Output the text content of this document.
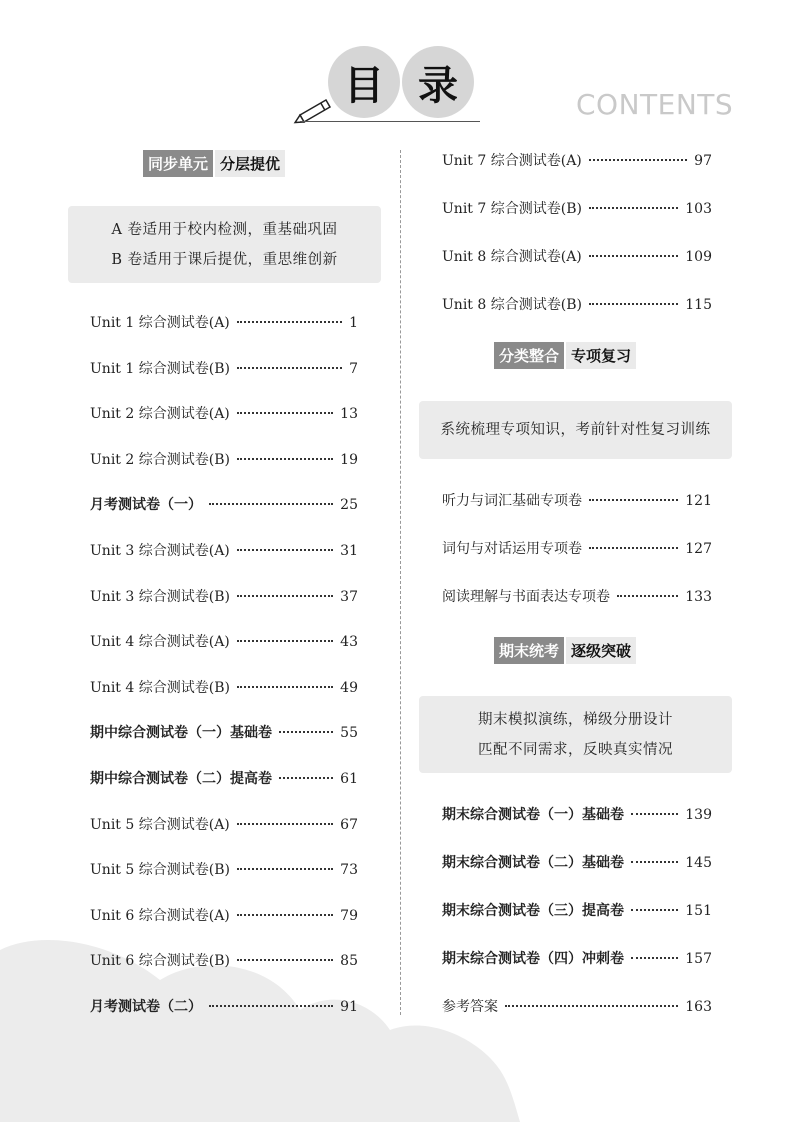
目 录	CONTENTS
同步单元 分层提优
A 卷适用于校内检测，重基础巩固
B 卷适用于课后提优，重思维创新
Unit 1 综合测试卷(A)	1
Unit 1 综合测试卷(B)	7
Unit 2 综合测试卷(A)	13
Unit 2 综合测试卷(B)	19
月考测试卷（一）	25
Unit 3 综合测试卷(A)	31
Unit 3 综合测试卷(B)	37
Unit 4 综合测试卷(A)	43
Unit 4 综合测试卷(B)	49
期中综合测试卷（一）基础卷	55
期中综合测试卷（二）提高卷	61
Unit 5 综合测试卷(A)	67
Unit 5 综合测试卷(B)	73
Unit 6 综合测试卷(A)	79
Unit 6 综合测试卷(B)	85
月考测试卷（二）	91
Unit 7 综合测试卷(A)	97
Unit 7 综合测试卷(B)	103
Unit 8 综合测试卷(A)	109
Unit 8 综合测试卷(B)	115
分类整合 专项复习
系统梳理专项知识，考前针对性复习训练
听力与词汇基础专项卷	121
词句与对话运用专项卷	127
阅读理解与书面表达专项卷	133
期末统考 逐级突破
期末模拟演练，梯级分册设计
匹配不同需求，反映真实情况
期末综合测试卷（一）基础卷	139
期末综合测试卷（二）基础卷	145
期末综合测试卷（三）提高卷	151
期末综合测试卷（四）冲刺卷	157
参考答案	163
